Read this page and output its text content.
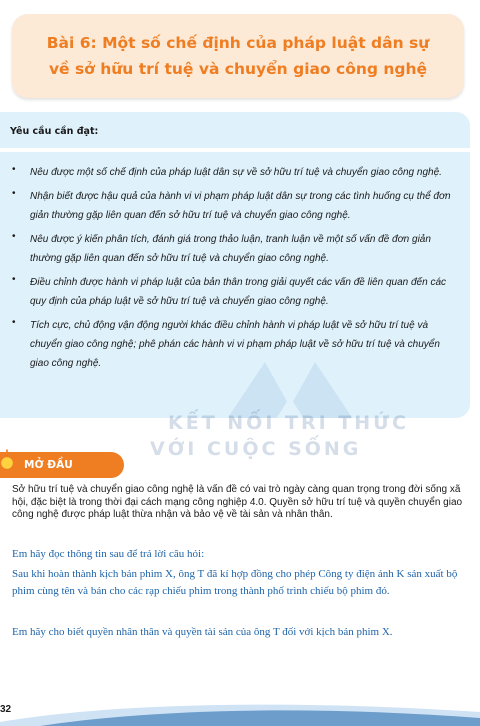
Bài 6: Một số chế định của pháp luật dân sự
về sở hữu trí tuệ và chuyển giao công nghệ
Yêu cầu cần đạt:
• Nêu được một số chế định của pháp luật dân sự về sở hữu trí tuệ và chuyển giao công nghệ.
• Nhận biết được hậu quả của hành vi vi phạm pháp luật dân sự trong các tình huống cụ thể đơn giản thường gặp liên quan đến sở hữu trí tuệ và chuyển giao công nghệ.
• Nêu được ý kiến phân tích, đánh giá trong thảo luận, tranh luận về một số vấn đề đơn giản thường gặp liên quan đến sở hữu trí tuệ và chuyển giao công nghệ.
• Điều chỉnh được hành vi pháp luật của bản thân trong giải quyết các vấn đề liên quan đến các quy định của pháp luật về sở hữu trí tuệ và chuyển giao công nghệ.
• Tích cực, chủ động vận động người khác điều chỉnh hành vi pháp luật về sở hữu trí tuệ và chuyển giao công nghệ; phê phán các hành vi vi phạm pháp luật về sở hữu trí tuệ và chuyển giao công nghệ.
KẾT NỐI TRI THỨC
VỚI CUỘC SỐNG
MỞ ĐẦU
Sở hữu trí tuệ và chuyển giao công nghệ là vấn đề có vai trò ngày càng quan trọng trong đời sống xã hội, đặc biệt là trong thời đại cách mạng công nghiệp 4.0. Quyền sở hữu trí tuệ và quyền chuyển giao công nghệ được pháp luật thừa nhận và bảo vệ về tài sản và nhân thân.

Em hãy đọc thông tin sau để trả lời câu hỏi:

Sau khi hoàn thành kịch bản phim X, ông T đã kí hợp đồng cho phép Công ty điện ảnh K sản xuất bộ phim cùng tên và bán cho các rạp chiếu phim trong thành phố trình chiếu bộ phim đó.

Em hãy cho biết quyền nhân thân và quyền tài sản của ông T đối với kịch bản phim X.

32
